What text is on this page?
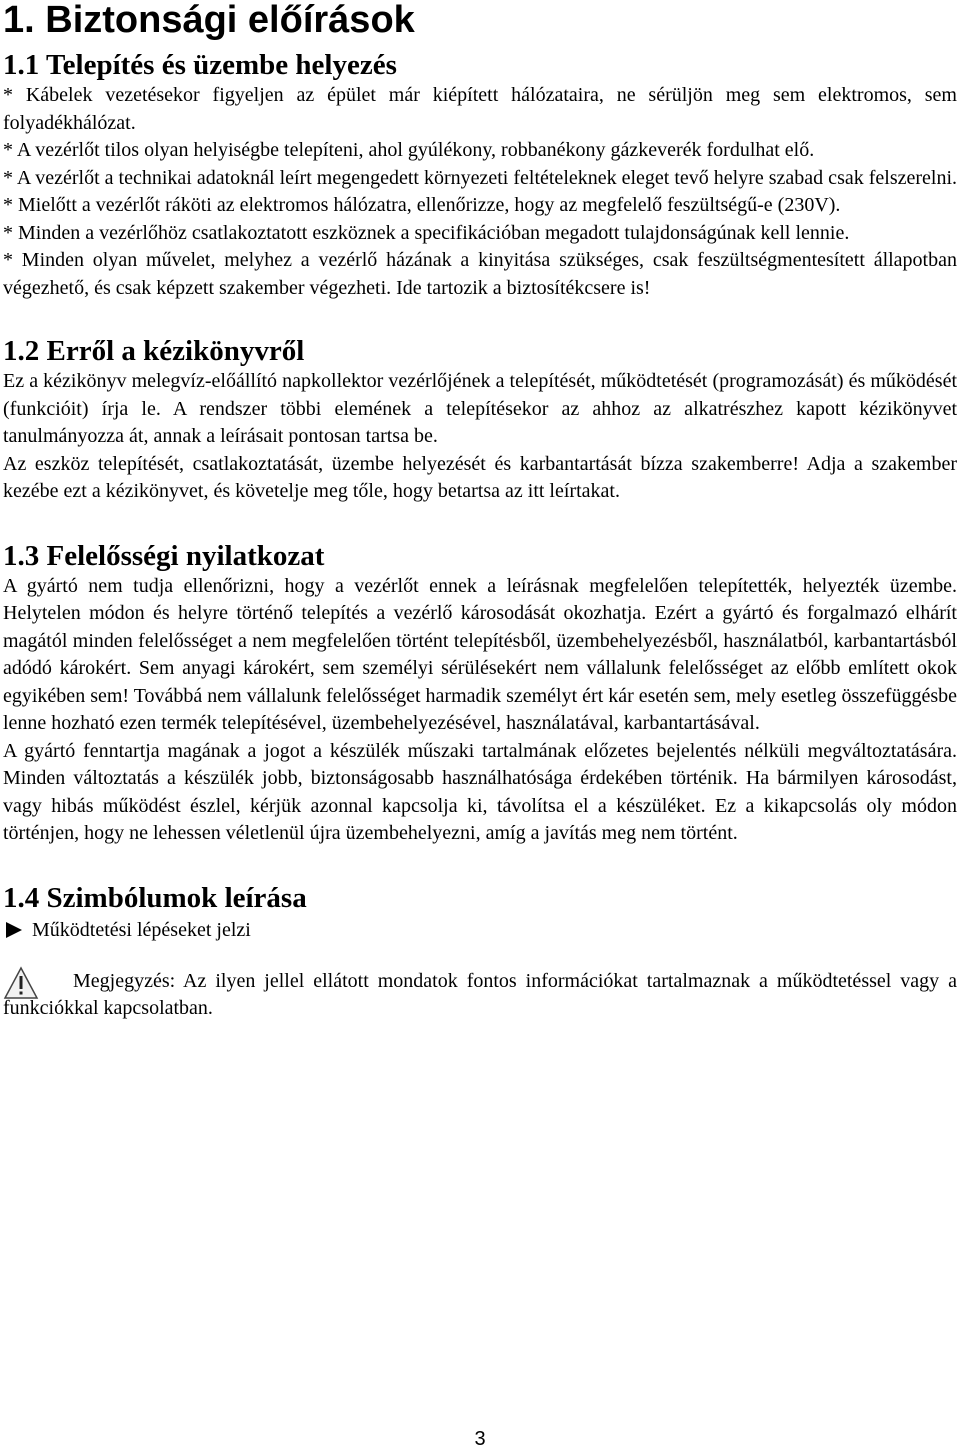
1. Biztonsági előírások
1.1 Telepítés és üzembe helyezés

* Kábelek vezetésekor figyeljen az épület már kiépített hálózataira, ne sérüljön meg sem elektromos, sem folyadékhálózat.

* A vezérlőt tilos olyan helyiségbe telepíteni, ahol gyúlékony, robbanékony gázkeverék fordulhat elő.

* A vezérlőt a technikai adatoknál leírt megengedett környezeti feltételeknek eleget tevő helyre szabad csak felszerelni.

* Mielőtt a vezérlőt ráköti az elektromos hálózatra, ellenőrizze, hogy az megfelelő feszültségű-e (230V).

* Minden a vezérlőhöz csatlakoztatott eszköznek a specifikációban megadott tulajdonságúnak kell lennie.

* Minden olyan művelet, melyhez a vezérlő házának a kinyitása szükséges, csak feszültségmentesített állapotban végezhető, és csak képzett szakember végezheti. Ide tartozik a biztosítékcsere is!

1.2 Erről a kézikönyvről

Ez a kézikönyv melegvíz-előállító napkollektor vezérlőjének a telepítését, működtetését (programozását) és működését (funkcióit) írja le. A rendszer többi elemének a telepítésekor az ahhoz az alkatrészhez kapott kézikönyvet tanulmányozza át, annak a leírásait pontosan tartsa be.

Az eszköz telepítését, csatlakoztatását, üzembe helyezését és karbantartását bízza szakemberre! Adja a szakember kezébe ezt a kézikönyvet, és követelje meg tőle, hogy betartsa az itt leírtakat.

1.3 Felelősségi nyilatkozat

A gyártó nem tudja ellenőrizni, hogy a vezérlőt ennek a leírásnak megfelelően telepítették, helyezték üzembe. Helytelen módon és helyre történő telepítés a vezérlő károsodását okozhatja. Ezért a gyártó és forgalmazó elhárít magától minden felelősséget a nem megfelelően történt telepítésből, üzembehelyezésből, használatból, karbantartásból adódó károkért. Sem anyagi károkért, sem személyi sérülésekért nem vállalunk felelősséget az előbb említett okok egyikében sem! Továbbá nem vállalunk felelősséget harmadik személyt ért kár esetén sem, mely esetleg összefüggésbe lenne hozható ezen termék telepítésével, üzembehelyezésével, használatával, karbantartásával.

A gyártó fenntartja magának a jogot a készülék műszaki tartalmának előzetes bejelentés nélküli megváltoztatására. Minden változtatás a készülék jobb, biztonságosabb használhatósága érdekében történik. Ha bármilyen károsodást, vagy hibás működést észlel, kérjük azonnal kapcsolja ki, távolítsa el a készüléket. Ez a kikapcsolás oly módon történjen, hogy ne lehessen véletlenül újra üzembehelyezni, amíg a javítás meg nem történt.

1.4 Szimbólumok leírása
Működtetési lépéseket jelzi

Megjegyzés: Az ilyen jellel ellátott mondatok fontos információkat tartalmaznak a működtetéssel vagy a funkciókkal kapcsolatban.

3
